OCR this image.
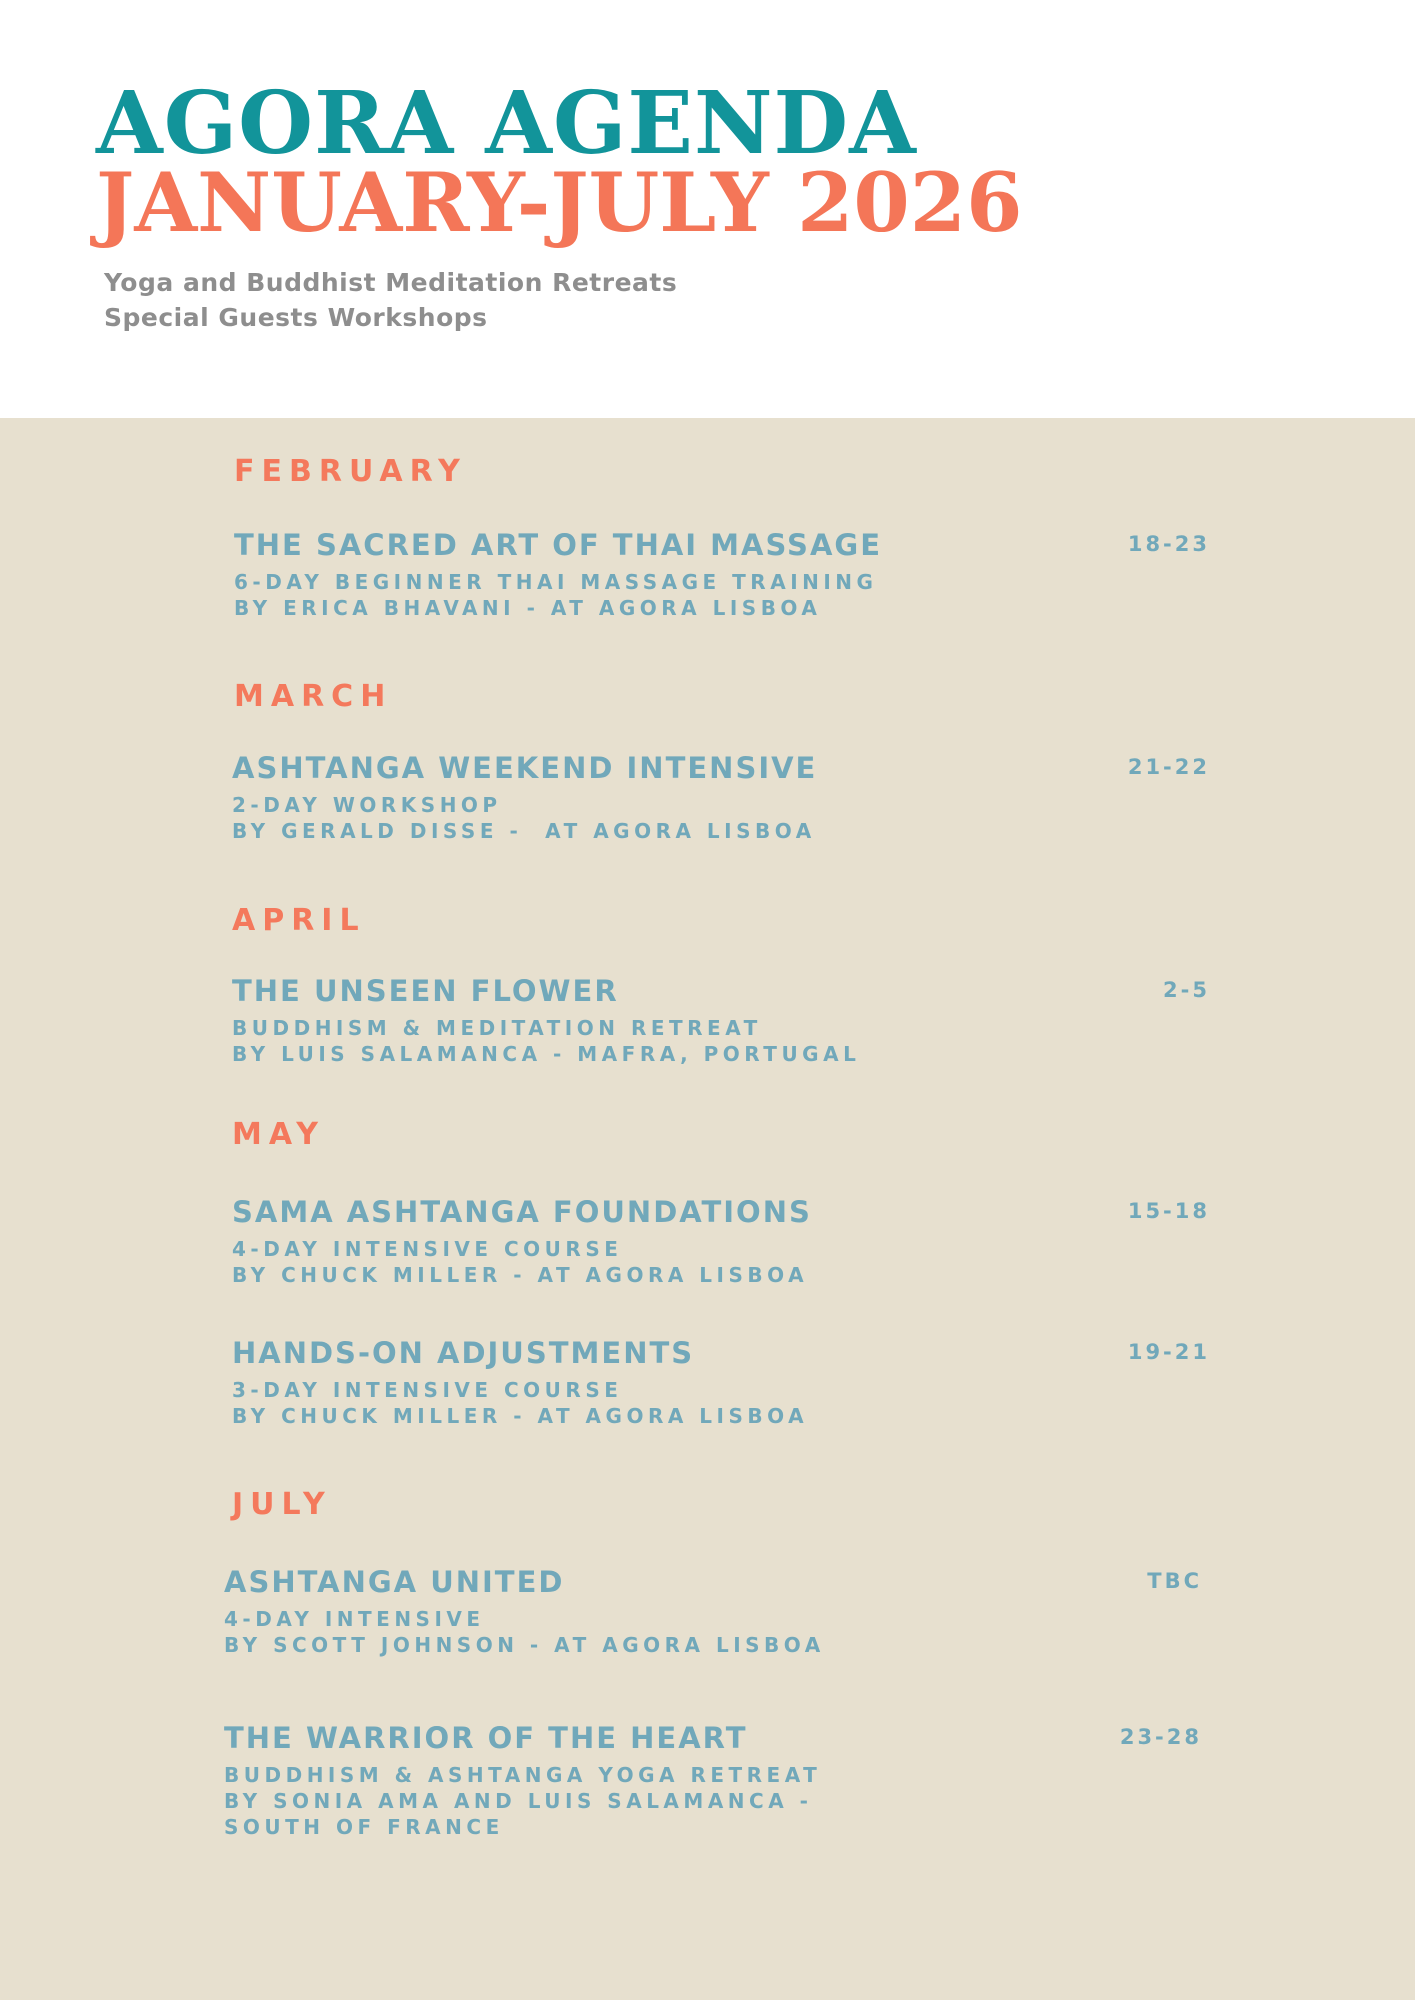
AGORA AGENDA
JANUARY-JULY 2026

Yoga and Buddhist Meditation Retreats

Special Guests Workshops

FEBRUARY
THE SACRED ART OF THAI MASSAGE
6-DAY BEGINNER THAI MASSAGE TRAINING
BY ERICA BHAVANI - AT AGORA LISBOA
18-23
MARCH
ASHTANGA WEEKEND INTENSIVE
2-DAY WORKSHOP
BY GERALD DISSE -  AT AGORA LISBOA
21-22
APRIL
THE UNSEEN FLOWER
BUDDHISM & MEDITATION RETREAT
BY LUIS SALAMANCA - MAFRA, PORTUGAL
2-5
MAY
SAMA ASHTANGA FOUNDATIONS
4-DAY INTENSIVE COURSE
BY CHUCK MILLER - AT AGORA LISBOA
15-18
HANDS-ON ADJUSTMENTS
3-DAY INTENSIVE COURSE
BY CHUCK MILLER - AT AGORA LISBOA
19-21
JULY
ASHTANGA UNITED
4-DAY INTENSIVE
BY SCOTT JOHNSON - AT AGORA LISBOA
TBC
THE WARRIOR OF THE HEART
BUDDHISM & ASHTANGA YOGA RETREAT
BY SONIA AMA AND LUIS SALAMANCA -
SOUTH OF FRANCE
23-28
